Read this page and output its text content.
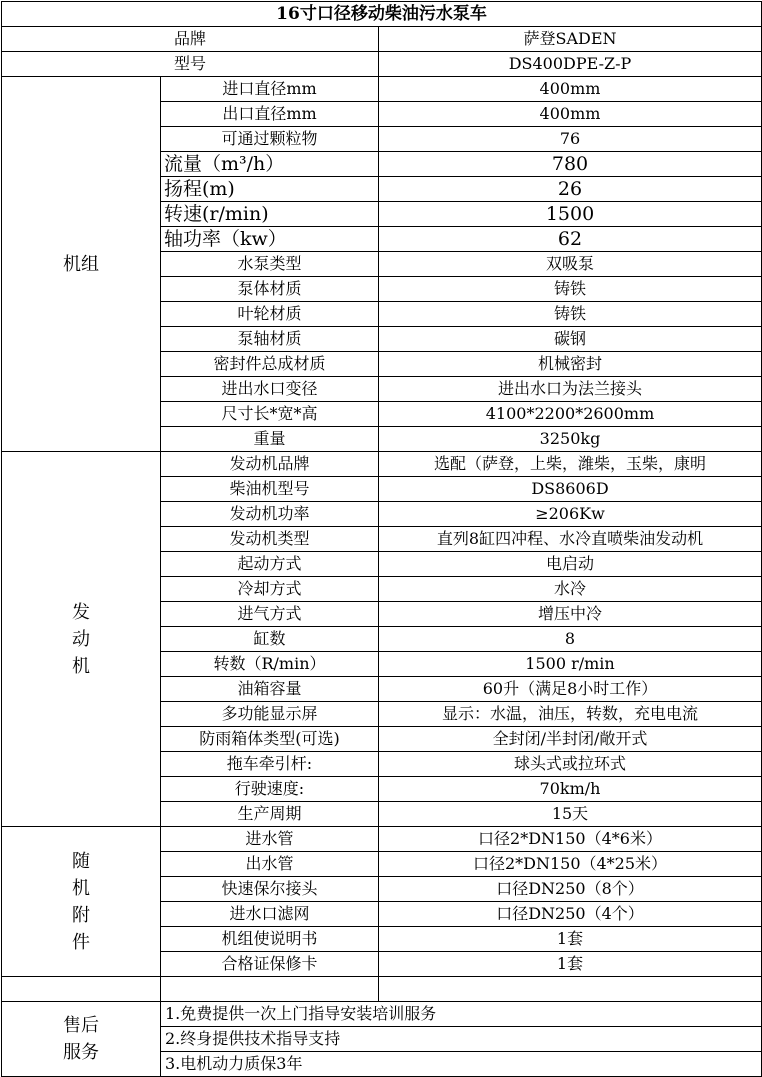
16寸口径移动柴油污水泵车		
品牌		萨登SADEN
型号		DS400DPE-Z-P
机组	进口直径mm	400mm
	出口直径mm	400mm
	可通过颗粒物	76
	流量（m³/h）	780
	扬程(m)	26
	转速(r/min)	1500
	轴功率（kw）	62
	水泵类型	双吸泵
	泵体材质	铸铁
	叶轮材质	铸铁
	泵轴材质	碳钢
	密封件总成材质	机械密封
	进出水口变径	进出水口为法兰接头
	尺寸长*宽*高	4100*2200*2600mm
	重量	3250kg
发
动
机	发动机品牌	选配（萨登，上柴，潍柴，玉柴，康明
	柴油机型号	DS8606D
	发动机功率	≥206Kw
	发动机类型	直列8缸四冲程、水冷直喷柴油发动机
	起动方式	电启动
	冷却方式	水冷
	进气方式	增压中冷
	缸数	8
	转数（R/min）	1500 r/min
	油箱容量	60升（满足8小时工作）
	多功能显示屏	显示：水温，油压，转数，充电电流
	防雨箱体类型(可选)	全封闭/半封闭/敞开式
	拖车牵引杆:	球头式或拉环式
	行驶速度:	70km/h
	生产周期	15天
随
机
附
件	进水管	口径2*DN150（4*6米）
	出水管	口径2*DN150（4*25米）
	快速保尔接头	口径DN250（8个）
	进水口滤网	口径DN250（4个）
	机组使说明书	1套
	合格证保修卡	1套

售后
服务	1.免费提供一次上门指导安装培训服务	
	2.终身提供技术指导支持	
	3.电机动力质保3年	
